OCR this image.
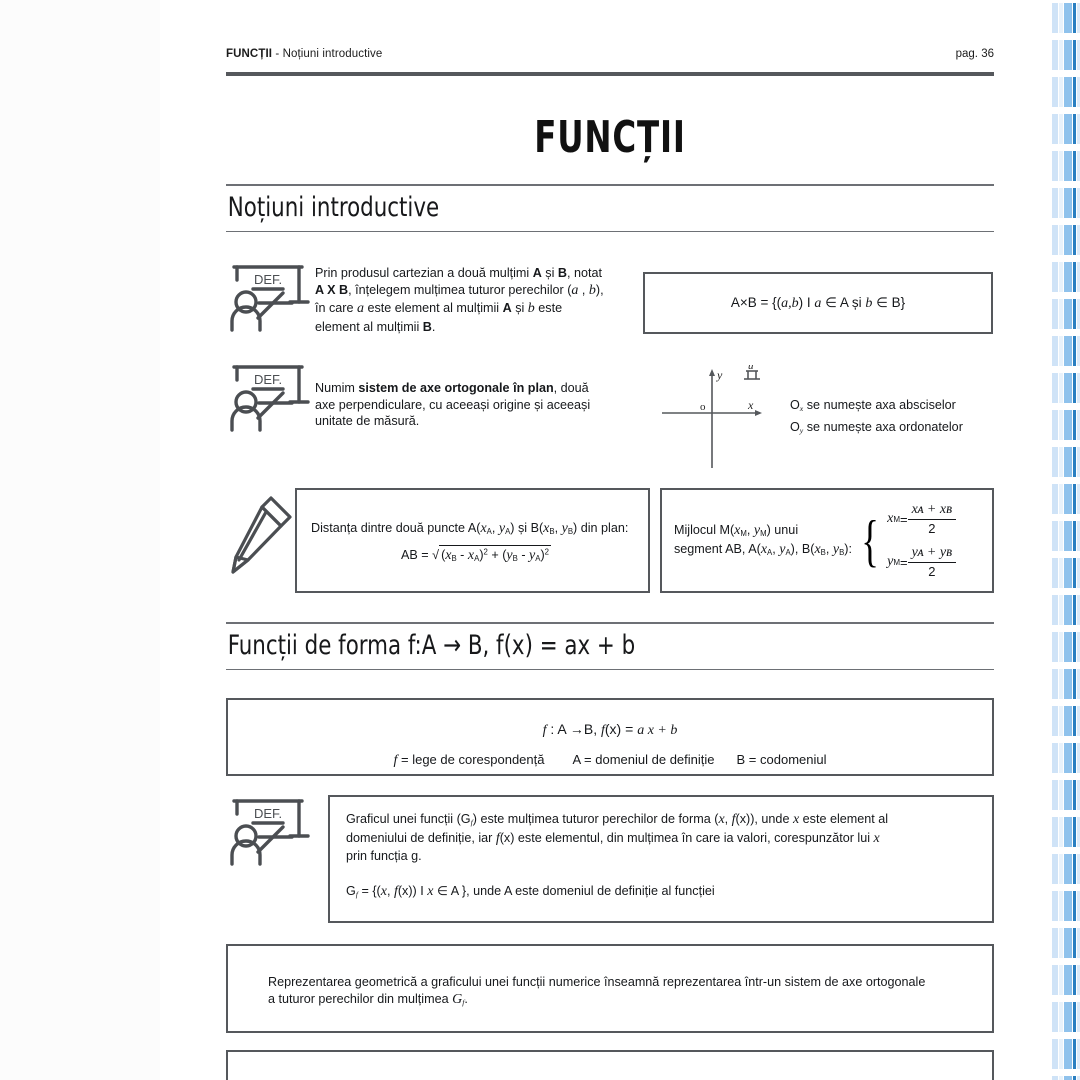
FUNCȚII - Noțiuni introductive	pag. 36
FUNCȚII
Noțiuni introductive
DEF.	Prin produsul cartezian a două mulțimi A și B, notat
A X B, înțelegem mulțimea tuturor perechilor (a , b),
în care a este element al mulțimii A și b este
element al mulțimii B.
A×B = {(a,b) I a ∈ A și b ∈ B}
DEF.
Numim sistem de axe ortogonale în plan, două
axe perpendiculare, cu aceeași origine și aceeași
unitate de măsură.
y
u
o	x	$O_x$ se numește axa absciselor
$O_y$ se numește axa ordonatelor
Distanța dintre două puncte $A(x_A$, $y_A$) și $B(x_B$, $y_B$) din plan:
AB = √ $(x_B - x_A)^2 + (y_B - y_A)^2$
Mijlocul $M(x_M$, $y_M$) unui
segment AB, $A(x_A$, $y_A$), $B(x_B$, $y_B$): { x $M = \frac{\text{xᴀ + xʙ}}{2}$
y $M = \frac{\text{yᴀ + yʙ}}{2}$
Funcții de forma f:A → B, f(x) = ax + b
f : A →B, f(x) = a x + b
f = lege de corespondență A = domeniul de definiție B = codomeniul
DEF.	Graficul unei funcții $(G_f)$ este mulțimea tuturor perechilor de forma (x, f(x)), unde x este element al
domeniului de definiție, iar f(x) este elementul, din mulțimea în care ia valori, corespunzător lui x
prin funcția g.
$G_f = \{(x$, f(x)) I x ∈ A }, unde A este domeniul de definiție al funcției
Reprezentarea geometrică a graficului unei funcții numerice înseamnă reprezentarea într-un sistem de axe ortogonale
a tuturor perechilor din mulțimea $G_f$.
